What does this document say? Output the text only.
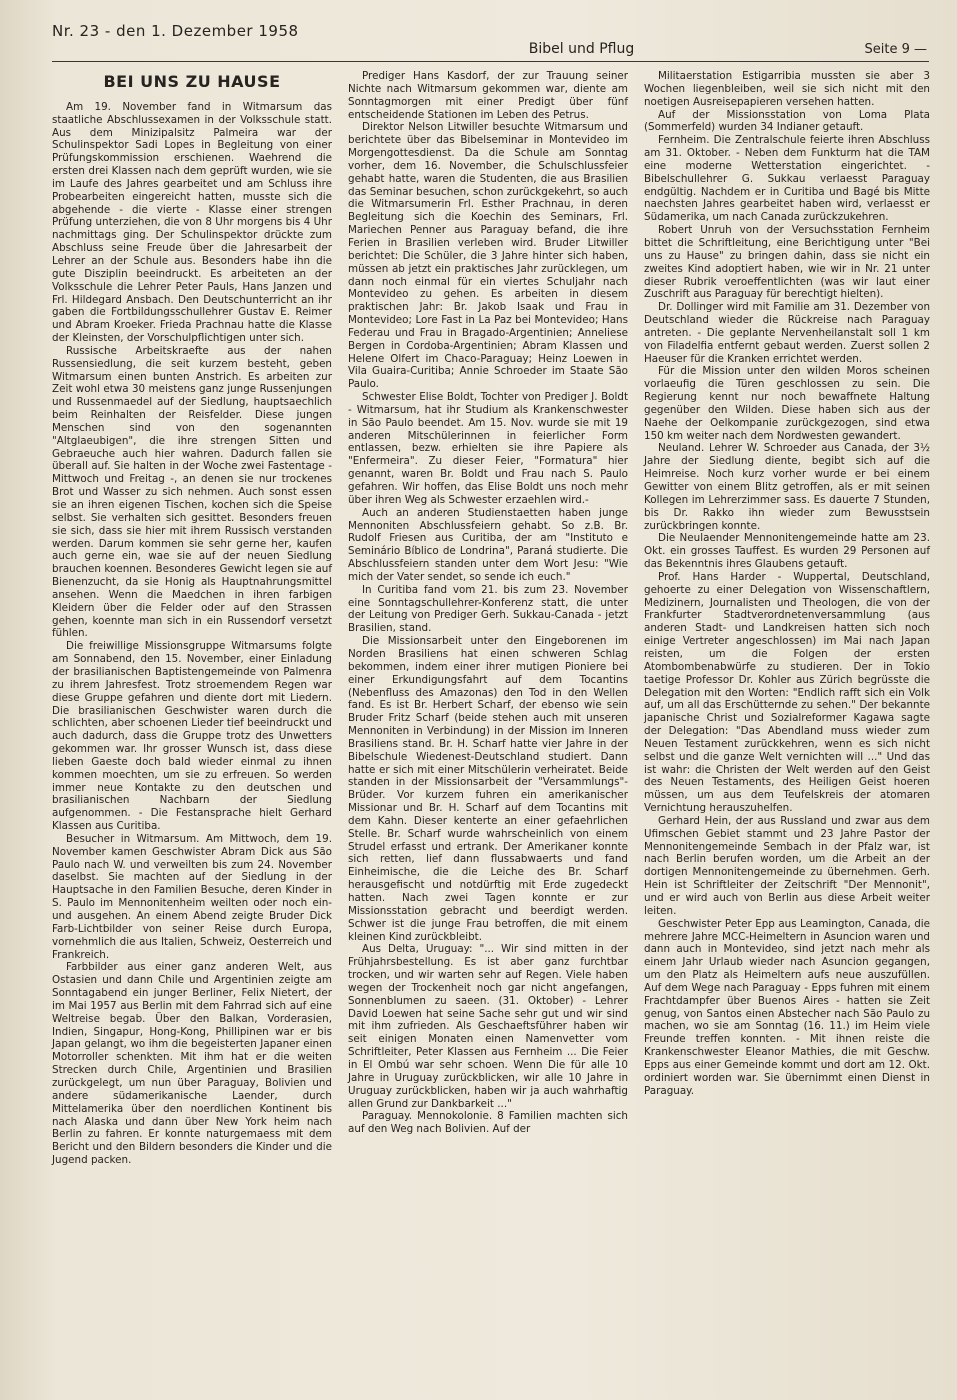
Nr. 23 - den 1. Dezember 1958
Bibel und Pflug	Seite 9 —
BEI UNS ZU HAUSE

Am 19. November fand in Witmarsum das staatliche Abschlussexamen in der Volksschule statt. Aus dem Minizipalsitz Palmeira war der Schulinspektor Sadi Lopes in Begleitung von einer Prüfungskommission erschienen. Waehrend die ersten drei Klassen nach dem geprüft wurden, wie sie im Laufe des Jahres gearbeitet und am Schluss ihre Probearbeiten eingereicht hatten, musste sich die abgehende - die vierte - Klasse einer strengen Prüfung unterziehen, die von 8 Uhr morgens bis 4 Uhr nachmittags ging. Der Schulinspektor drückte zum Abschluss seine Freude über die Jahresarbeit der Lehrer an der Schule aus. Besonders habe ihn die gute Disziplin beeindruckt. Es arbeiteten an der Volksschule die Lehrer Peter Pauls, Hans Janzen und Frl. Hildegard Ansbach. Den Deutschunterricht an ihr gaben die Fortbildungsschullehrer Gustav E. Reimer und Abram Kroeker. Frieda Prachnau hatte die Klasse der Kleinsten, der Vorschulpflichtigen unter sich.

Russische Arbeitskraefte aus der nahen Russensiedlung, die seit kurzem besteht, geben Witmarsum einen bunten Anstrich. Es arbeiten zur Zeit wohl etwa 30 meistens ganz junge Russenjungen und Russenmaedel auf der Siedlung, hauptsaechlich beim Reinhalten der Reisfelder. Diese jungen Menschen sind von den sogenannten "Altglaeubigen", die ihre strengen Sitten und Gebraeuche auch hier wahren. Dadurch fallen sie überall auf. Sie halten in der Woche zwei Fastentage - Mittwoch und Freitag -, an denen sie nur trockenes Brot und Wasser zu sich nehmen. Auch sonst essen sie an ihren eigenen Tischen, kochen sich die Speise selbst. Sie verhalten sich gesittet. Besonders freuen sie sich, dass sie hier mit ihrem Russisch verstanden werden. Darum kommen sie sehr gerne her, kaufen auch gerne ein, wae sie auf der neuen Siedlung brauchen koennen. Besonderes Gewicht legen sie auf Bienenzucht, da sie Honig als Hauptnahrungsmittel ansehen. Wenn die Maedchen in ihren farbigen Kleidern über die Felder oder auf den Strassen gehen, koennte man sich in ein Russendorf versetzt fühlen.

Die freiwillige Missionsgruppe Witmarsums folgte am Sonnabend, den 15. November, einer Einladung der brasilianischen Baptistengemeinde von Palmenra zu ihrem Jahresfest. Trotz stroemendem Regen war diese Gruppe gefahren und diente dort mit Liedern. Die brasilianischen Geschwister waren durch die schlichten, aber schoenen Lieder tief beeindruckt und auch dadurch, dass die Gruppe trotz des Unwetters gekommen war. Ihr grosser Wunsch ist, dass diese lieben Gaeste doch bald wieder einmal zu ihnen kommen moechten, um sie zu erfreuen. So werden immer neue Kontakte zu den deutschen und brasilianischen Nachbarn der Siedlung aufgenommen. - Die Festansprache hielt Gerhard Klassen aus Curitiba.

Besucher in Witmarsum. Am Mittwoch, dem 19. November kamen Geschwister Abram Dick aus São Paulo nach W. und verweilten bis zum 24. November daselbst. Sie machten auf der Siedlung in der Hauptsache in den Familien Besuche, deren Kinder in S. Paulo im Mennonitenheim weilten oder noch ein- und ausgehen. An einem Abend zeigte Bruder Dick Farb-Lichtbilder von seiner Reise durch Europa, vornehmlich die aus Italien, Schweiz, Oesterreich und Frankreich.

Farbbilder aus einer ganz anderen Welt, aus Ostasien und dann Chile und Argentinien zeigte am Sonntagabend ein junger Berliner, Felix Nietert, der im Mai 1957 aus Berlin mit dem Fahrrad sich auf eine Weltreise begab. Über den Balkan, Vorderasien, Indien, Singapur, Hong-Kong, Phillipinen war er bis Japan gelangt, wo ihm die begeisterten Japaner einen Motorroller schenkten. Mit ihm hat er die weiten Strecken durch Chile, Argentinien und Brasilien zurückgelegt, um nun über Paraguay, Bolivien und andere südamerikanische Laender, durch Mittelamerika über den noerdlichen Kontinent bis nach Alaska und dann über New York heim nach Berlin zu fahren. Er konnte naturgemaess mit dem Bericht und den Bildern besonders die Kinder und die Jugend packen.

Prediger Hans Kasdorf, der zur Trauung seiner Nichte nach Witmarsum gekommen war, diente am Sonntagmorgen mit einer Predigt über fünf entscheidende Stationen im Leben des Petrus.

Direktor Nelson Litwiller besuchte Witmarsum und berichtete über das Bibelseminar in Montevideo im Morgengottesdienst. Da die Schule am Sonntag vorher, dem 16. November, die Schulschlussfeier gehabt hatte, waren die Studenten, die aus Brasilien das Seminar besuchen, schon zurückgekehrt, so auch die Witmarsumerin Frl. Esther Prachnau, in deren Begleitung sich die Koechin des Seminars, Frl. Mariechen Penner aus Paraguay befand, die ihre Ferien in Brasilien verleben wird. Bruder Litwiller berichtet: Die Schüler, die 3 Jahre hinter sich haben, müssen ab jetzt ein praktisches Jahr zurücklegen, um dann noch einmal für ein viertes Schuljahr nach Montevideo zu gehen. Es arbeiten in diesem praktischen Jahr: Br. Jakob Isaak und Frau in Montevideo; Lore Fast in La Paz bei Montevideo; Hans Federau und Frau in Bragado-Argentinien; Anneliese Bergen in Cordoba-Argentinien; Abram Klassen und Helene Olfert im Chaco-Paraguay; Heinz Loewen in Vila Guaira-Curitiba; Annie Schroeder im Staate São Paulo.

Schwester Elise Boldt, Tochter von Prediger J. Boldt - Witmarsum, hat ihr Studium als Krankenschwester in São Paulo beendet. Am 15. Nov. wurde sie mit 19 anderen Mitschülerinnen in feierlicher Form entlassen, bezw. erhielten sie ihre Papiere als "Enfermeira". Zu dieser Feier, "Formatura" hier genannt, waren Br. Boldt und Frau nach S. Paulo gefahren. Wir hoffen, das Elise Boldt uns noch mehr über ihren Weg als Schwester erzaehlen wird.-

Auch an anderen Studienstaetten haben junge Mennoniten Abschlussfeiern gehabt. So z.B. Br. Rudolf Friesen aus Curitiba, der am "Instituto e Seminário Bíblico de Londrina", Paraná studierte. Die Abschlussfeiern standen unter dem Wort Jesu: "Wie mich der Vater sendet, so sende ich euch."

In Curitiba fand vom 21. bis zum 23. November eine Sonntagschullehrer-Konferenz statt, die unter der Leitung von Prediger Gerh. Sukkau-Canada - jetzt Brasilien, stand.

Die Missionsarbeit unter den Eingeborenen im Norden Brasiliens hat einen schweren Schlag bekommen, indem einer ihrer mutigen Pioniere bei einer Erkundigungsfahrt auf dem Tocantins (Nebenfluss des Amazonas) den Tod in den Wellen fand. Es ist Br. Herbert Scharf, der ebenso wie sein Bruder Fritz Scharf (beide stehen auch mit unseren Mennoniten in Verbindung) in der Mission im Inneren Brasiliens stand. Br. H. Scharf hatte vier Jahre in der Bibelschule Wiedenest-Deutschland studiert. Dann hatte er sich mit einer Mitschülerin verheiratet. Beide standen in der Missionsarbeit der "Versammlungs"-Brüder. Vor kurzem fuhren ein amerikanischer Missionar und Br. H. Scharf auf dem Tocantins mit dem Kahn. Dieser kenterte an einer gefaehrlichen Stelle. Br. Scharf wurde wahrscheinlich von einem Strudel erfasst und ertrank. Der Amerikaner konnte sich retten, lief dann flussabwaerts und fand Einheimische, die die Leiche des Br. Scharf herausgefischt und notdürftig mit Erde zugedeckt hatten. Nach zwei Tagen konnte er zur Missionsstation gebracht und beerdigt werden. Schwer ist die junge Frau betroffen, die mit einem kleinen Kind zurückbleibt.

Aus Delta, Uruguay: "... Wir sind mitten in der Frühjahrsbestellung. Es ist aber ganz furchtbar trocken, und wir warten sehr auf Regen. Viele haben wegen der Trockenheit noch gar nicht angefangen, Sonnenblumen zu saeen. (31. Oktober) - Lehrer David Loewen hat seine Sache sehr gut und wir sind mit ihm zufrieden. Als Geschaeftsführer haben wir seit einigen Monaten einen Namenvetter vom Schriftleiter, Peter Klassen aus Fernheim ... Die Feier in El Ombú war sehr schoen. Wenn Die für alle 10 Jahre in Uruguay zurückblicken, wir alle 10 Jahre in Uruguay zurückblicken, haben wir ja auch wahrhaftig allen Grund zur Dankbarkeit ..."

Paraguay. Mennokolonie. 8 Familien machten sich auf den Weg nach Bolivien. Auf der

Militaerstation Estigarribia mussten sie aber 3 Wochen liegenbleiben, weil sie sich nicht mit den noetigen Ausreisepapieren versehen hatten.

Auf der Missionsstation von Loma Plata (Sommerfeld) wurden 34 Indianer getauft.

Fernheim. Die Zentralschule feierte ihren Abschluss am 31. Oktober. - Neben dem Funkturm hat die TAM eine moderne Wetterstation eingerichtet. - Bibelschullehrer G. Sukkau verlaesst Paraguay endgültig. Nachdem er in Curitiba und Bagé bis Mitte naechsten Jahres gearbeitet haben wird, verlaesst er Südamerika, um nach Canada zurückzukehren.

Robert Unruh von der Versuchsstation Fernheim bittet die Schriftleitung, eine Berichtigung unter "Bei uns zu Hause" zu bringen dahin, dass sie nicht ein zweites Kind adoptiert haben, wie wir in Nr. 21 unter dieser Rubrik veroeffentlichten (was wir laut einer Zuschrift aus Paraguay für berechtigt hielten).

Dr. Dollinger wird mit Familie am 31. Dezember von Deutschland wieder die Rückreise nach Paraguay antreten. - Die geplante Nervenheilanstalt soll 1 km von Filadelfia entfernt gebaut werden. Zuerst sollen 2 Haeuser für die Kranken errichtet werden.

Für die Mission unter den wilden Moros scheinen vorlaeufig die Türen geschlossen zu sein. Die Regierung kennt nur noch bewaffnete Haltung gegenüber den Wilden. Diese haben sich aus der Naehe der Oelkompanie zurückgezogen, sind etwa 150 km weiter nach dem Nordwesten gewandert.

Neuland. Lehrer W. Schroeder aus Canada, der 3½ Jahre der Siedlung diente, begibt sich auf die Heimreise. Noch kurz vorher wurde er bei einem Gewitter von einem Blitz getroffen, als er mit seinen Kollegen im Lehrerzimmer sass. Es dauerte 7 Stunden, bis Dr. Rakko ihn wieder zum Bewusstsein zurückbringen konnte.

Die Neulaender Mennonitengemeinde hatte am 23. Okt. ein grosses Tauffest. Es wurden 29 Personen auf das Bekenntnis ihres Glaubens getauft.

Prof. Hans Harder - Wuppertal, Deutschland, gehoerte zu einer Delegation von Wissenschaftlern, Medizinern, Journalisten und Theologen, die von der Frankfurter Stadtverordnetenversammlung (aus anderen Stadt- und Landkreisen hatten sich noch einige Vertreter angeschlossen) im Mai nach Japan reisten, um die Folgen der ersten Atombombenabwürfe zu studieren. Der in Tokio taetige Professor Dr. Kohler aus Zürich begrüsste die Delegation mit den Worten: "Endlich rafft sich ein Volk auf, um all das Erschütternde zu sehen." Der bekannte japanische Christ und Sozialreformer Kagawa sagte der Delegation: "Das Abendland muss wieder zum Neuen Testament zurückkehren, wenn es sich nicht selbst und die ganze Welt vernichten will ..." Und das ist wahr: die Christen der Welt werden auf den Geist des Neuen Testaments, des Heiligen Geist hoeren müssen, um aus dem Teufelskreis der atomaren Vernichtung herauszuhelfen.

Gerhard Hein, der aus Russland und zwar aus dem Ufimschen Gebiet stammt und 23 Jahre Pastor der Mennonitengemeinde Sembach in der Pfalz war, ist nach Berlin berufen worden, um die Arbeit an der dortigen Mennonitengemeinde zu übernehmen. Gerh. Hein ist Schriftleiter der Zeitschrift "Der Mennonit", und er wird auch von Berlin aus diese Arbeit weiter leiten.

Geschwister Peter Epp aus Leamington, Canada, die mehrere Jahre MCC-Heimeltern in Asuncion waren und dann auch in Montevideo, sind jetzt nach mehr als einem Jahr Urlaub wieder nach Asuncion gegangen, um den Platz als Heimeltern aufs neue auszufüllen. Auf dem Wege nach Paraguay - Epps fuhren mit einem Frachtdampfer über Buenos Aires - hatten sie Zeit genug, von Santos einen Abstecher nach São Paulo zu machen, wo sie am Sonntag (16. 11.) im Heim viele Freunde treffen konnten. - Mit ihnen reiste die Krankenschwester Eleanor Mathies, die mit Geschw. Epps aus einer Gemeinde kommt und dort am 12. Okt. ordiniert worden war. Sie übernimmt einen Dienst in Paraguay.
